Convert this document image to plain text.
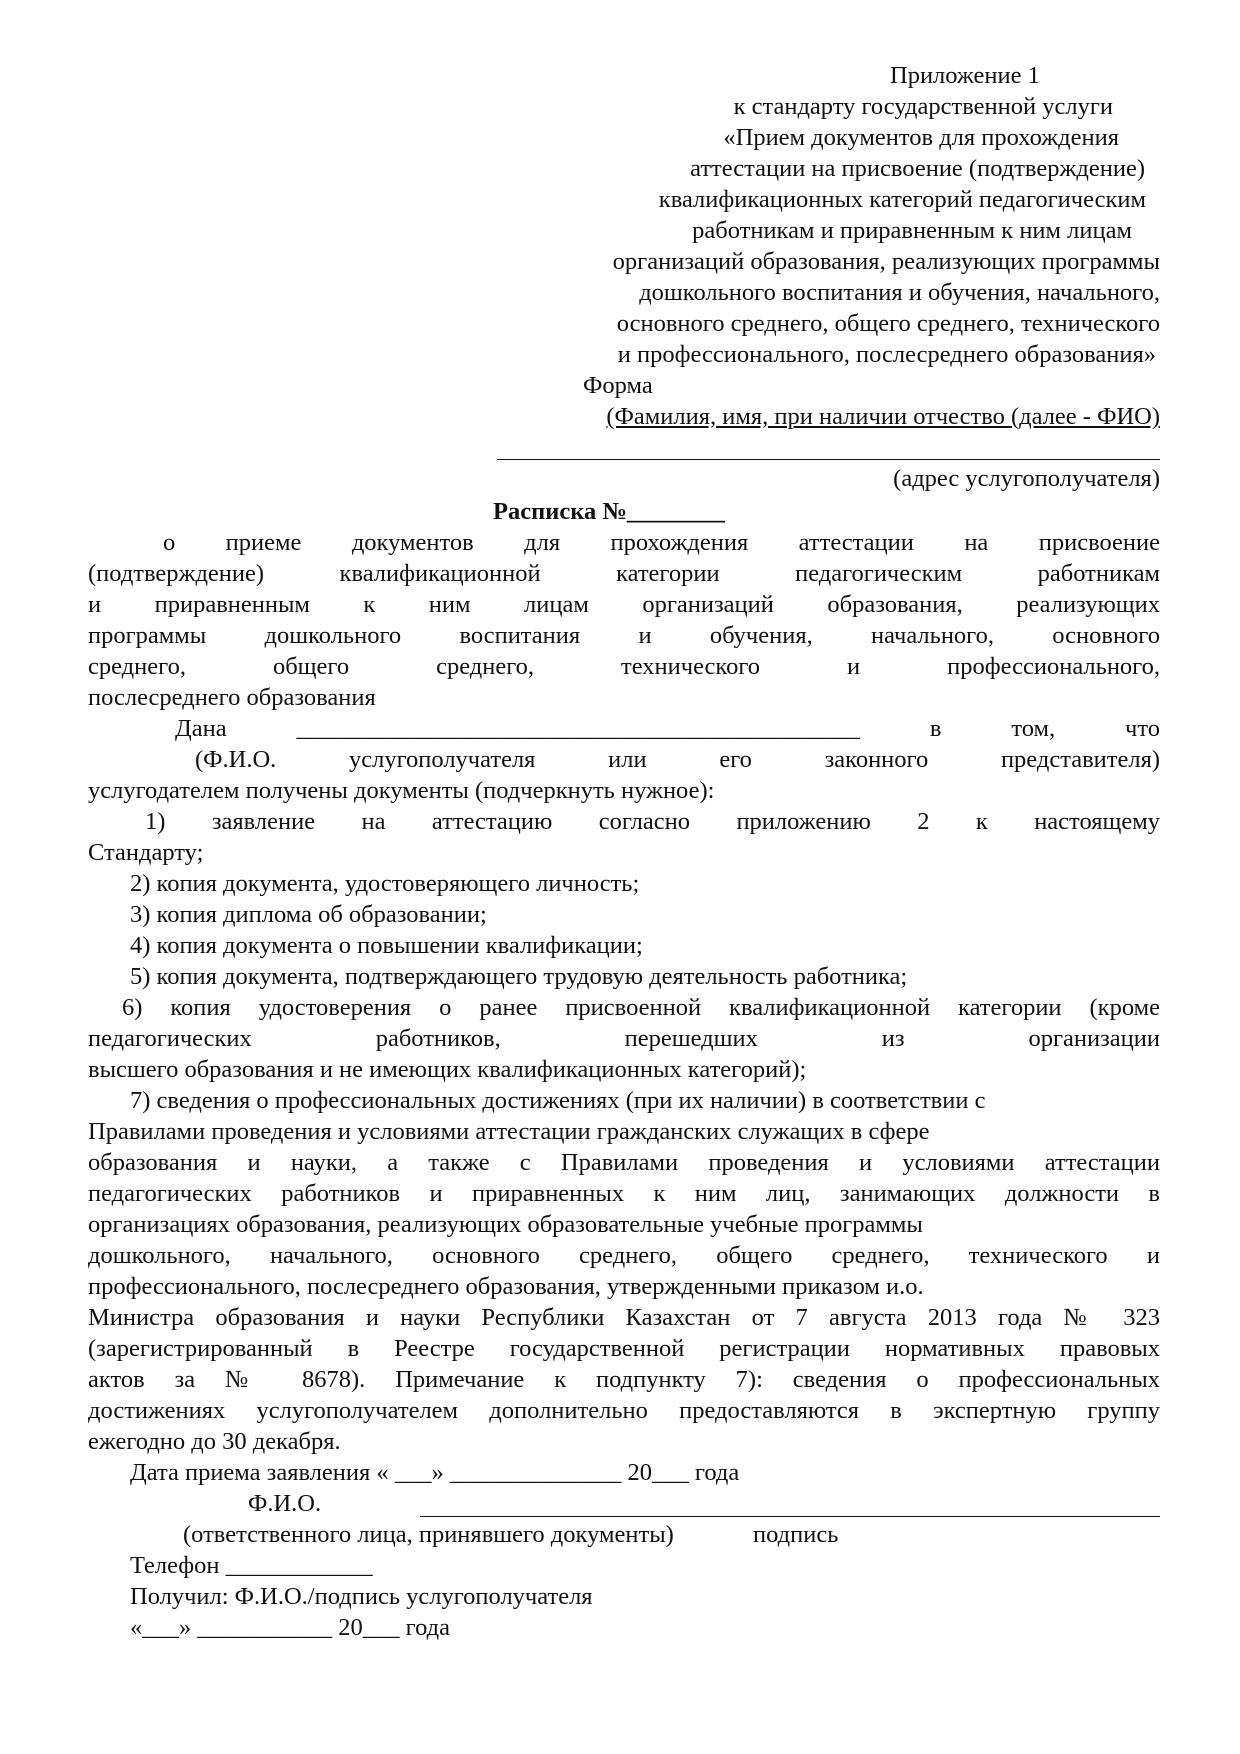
Приложение 1
к стандарту государственной услуги
«Прием документов для прохождения
аттестации на присвоение (подтверждение)
квалификационных категорий педагогическим
работникам и приравненным к ним лицам
организаций образования, реализующих программы
дошкольного воспитания и обучения, начального,
основного среднего, общего среднего, технического
и профессионального, послесреднего образования»
Форма
(Фамилия, имя, при наличии отчество (далее - ФИО)
(адрес услугополучателя)
Расписка №________
о приеме документов для прохождения аттестации на присвоение
(подтверждение) квалификационной категории педагогическим работникам
и приравненным к ним лицам организаций образования, реализующих
программы дошкольного воспитания и обучения, начального, основного
среднего, общего среднего, технического и профессионального,
послесреднего образования
Дана ______________________________________________ в том, что
(Ф.И.О. услугополучателя или его законного представителя)
услугодателем получены документы (подчеркнуть нужное):
1) заявление на аттестацию согласно приложению 2 к настоящему
Стандарту;
2) копия документа, удостоверяющего личность;
3) копия диплома об образовании;
4) копия документа о повышении квалификации;
5) копия документа, подтверждающего трудовую деятельность работника;
6) копия удостоверения о ранее присвоенной квалификационной категории (кроме
педагогических работников, перешедших из организации
высшего образования и не имеющих квалификационных категорий);
7) сведения о профессиональных достижениях (при их наличии) в соответствии с
Правилами проведения и условиями аттестации гражданских служащих в сфере
образования и науки, а также с Правилами проведения и условиями аттестации
педагогических работников и приравненных к ним лиц, занимающих должности в
организациях образования, реализующих образовательные учебные программы
дошкольного, начального, основного среднего, общего среднего, технического и
профессионального, послесреднего образования, утвержденными приказом и.о.
Министра образования и науки Республики Казахстан от 7 августа 2013 года № 323
(зарегистрированный в Реестре государственной регистрации нормативных правовых
актов за № 8678). Примечание к подпункту 7): сведения о профессиональных
достижениях услугополучателем дополнительно предоставляются в экспертную группу
ежегодно до 30 декабря.
Дата приема заявления « ___» ______________ 20___ года
Ф.И.О.
(ответственного лица, принявшего документы)	подпись
Телефон ____________
Получил: Ф.И.О./подпись услугополучателя
«___» ___________ 20___ года
